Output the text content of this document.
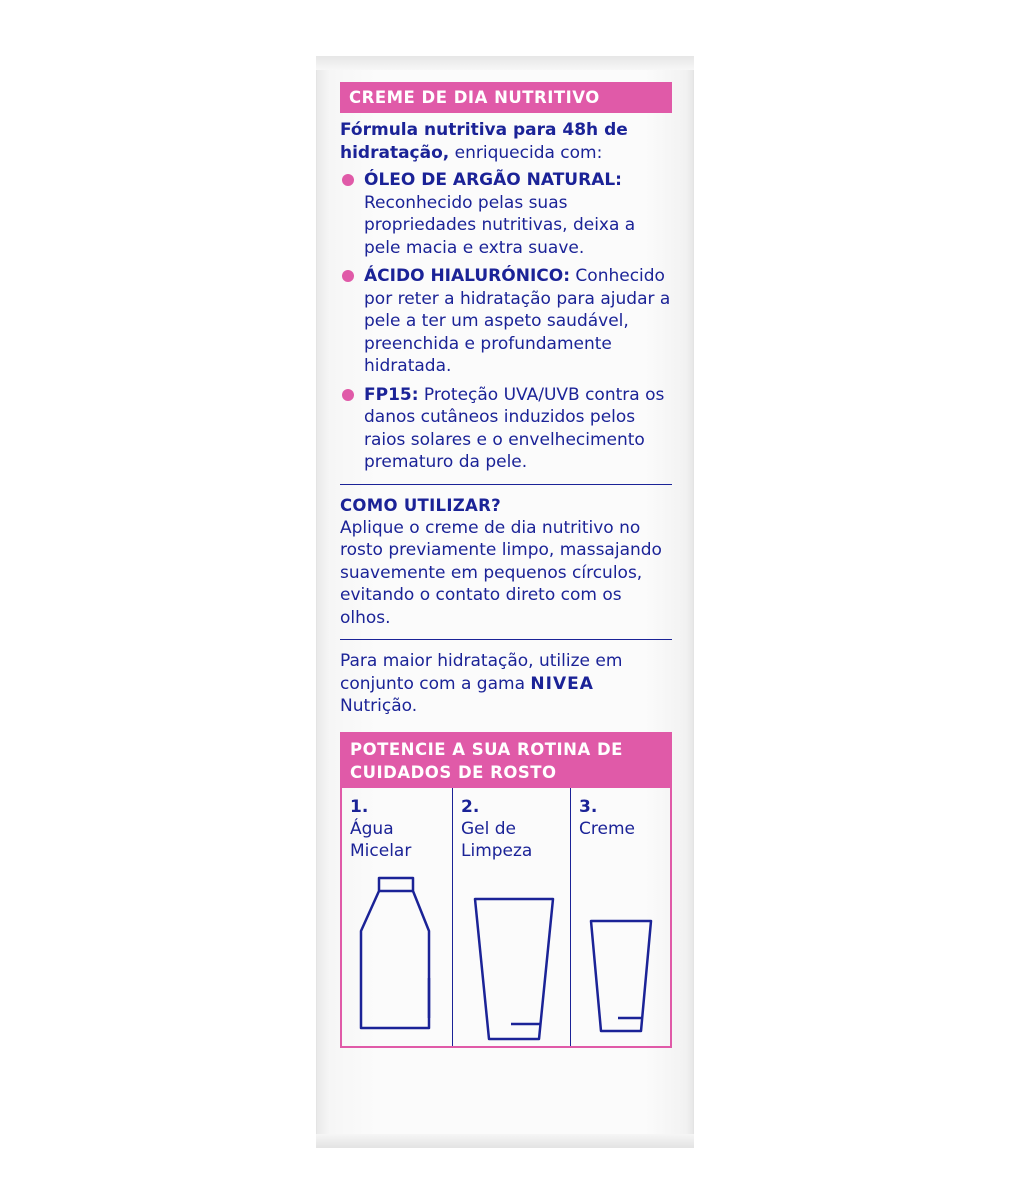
CREME DE DIA NUTRITIVO
Fórmula nutritiva para 48h de hidratação, enriquecida com:
ÓLEO DE ARGÃO NATURAL: Reconhecido pelas suas propriedades nutritivas, deixa a pele macia e extra suave.
ÁCIDO HIALURÓNICO: Conhecido por reter a hidratação para ajudar a pele a ter um aspeto saudável, preenchida e profundamente hidratada.
FP15: Proteção UVA/UVB contra os danos cutâneos induzidos pelos raios solares e o envelhecimento prematuro da pele.
COMO UTILIZAR?
Aplique o creme de dia nutritivo no rosto previamente limpo, massajando suavemente em pequenos círculos, evitando o contato direto com os olhos.
Para maior hidratação, utilize em conjunto com a gama NIVEA Nutrição.
POTENCIE A SUA ROTINA DE CUIDADOS DE ROSTO
1.
Água Micelar
2.
Gel de Limpeza
3.
Creme
